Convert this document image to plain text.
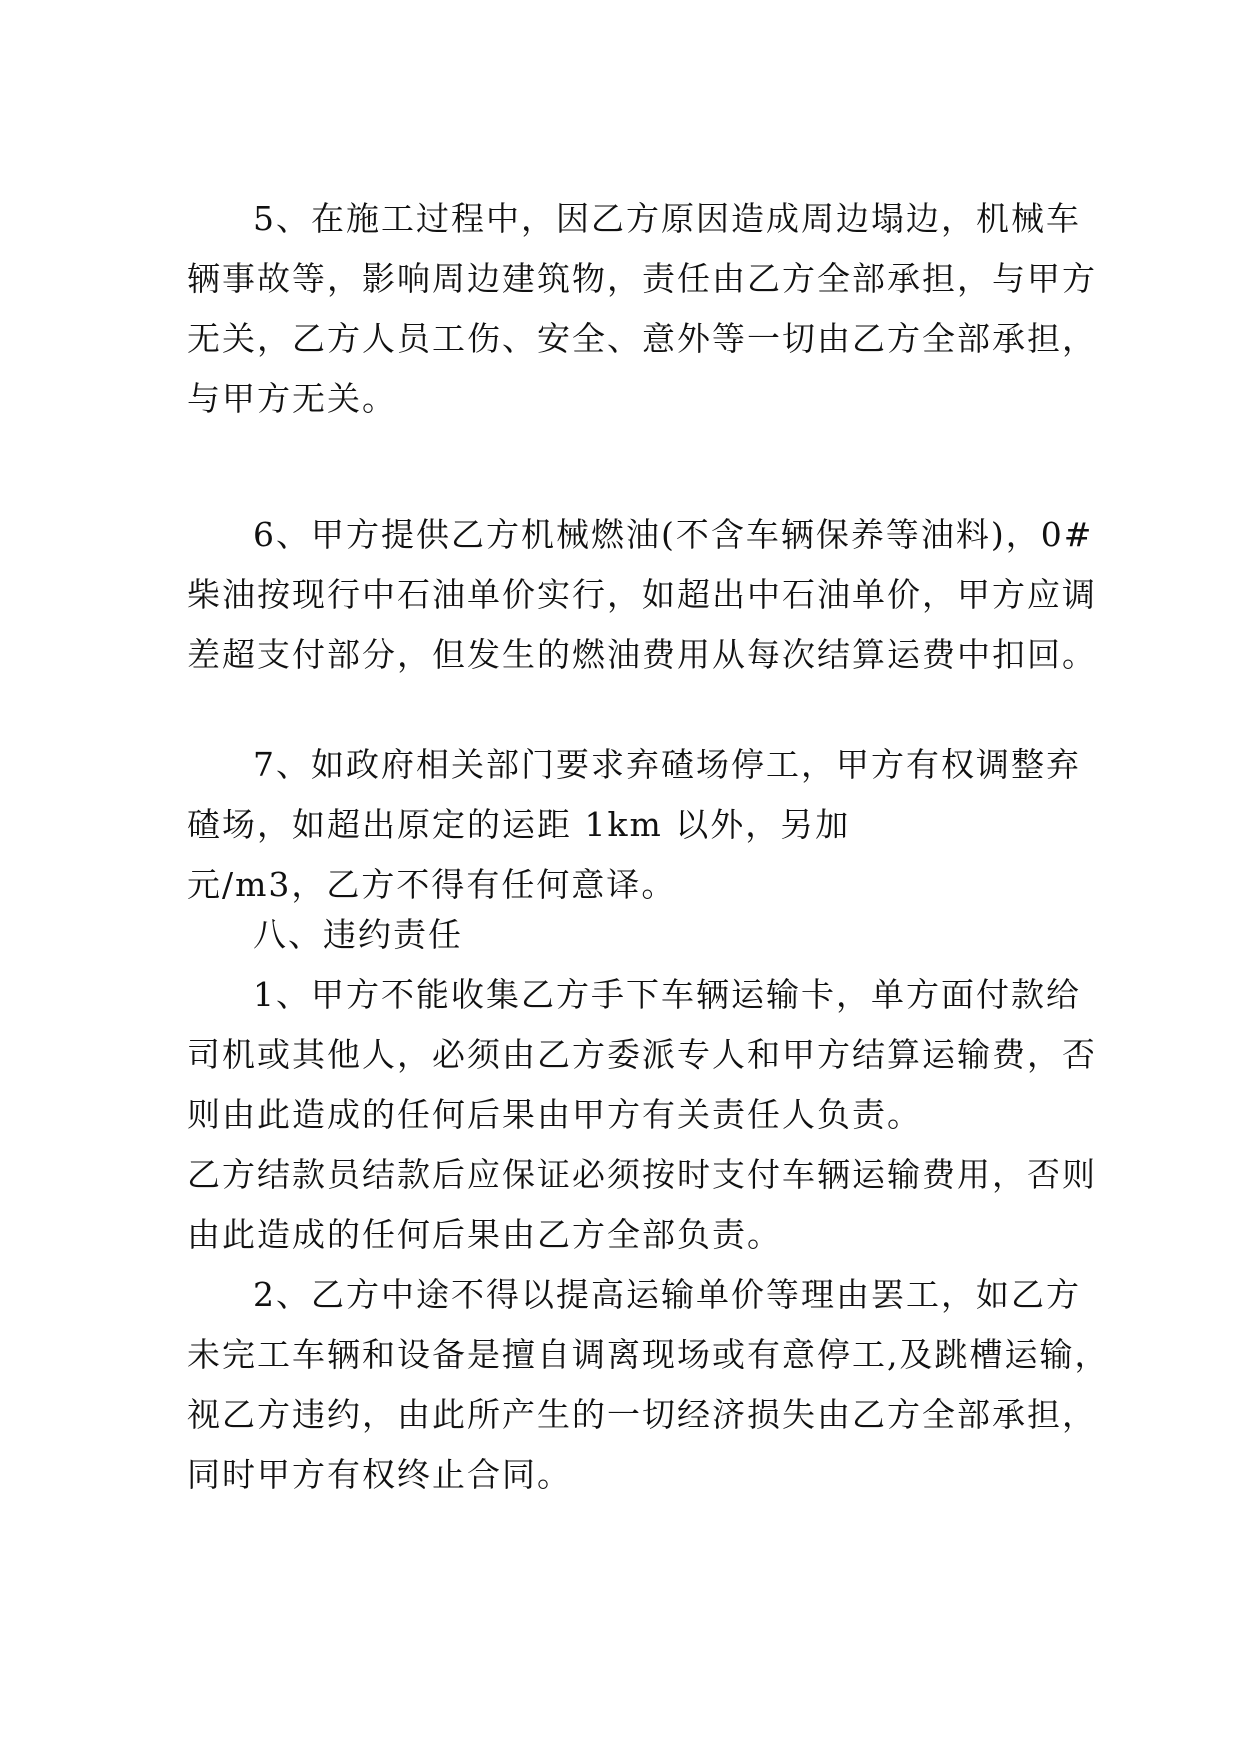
5、在施工过程中，因乙方原因造成周边塌边，机械车
辆事故等，影响周边建筑物，责任由乙方全部承担，与甲方
无关，乙方人员工伤、安全、意外等一切由乙方全部承担，
与甲方无关。
6、甲方提供乙方机械燃油(不含车辆保养等油料)，0#
柴油按现行中石油单价实行，如超出中石油单价，甲方应调
差超支付部分，但发生的燃油费用从每次结算运费中扣回。
7、如政府相关部门要求弃碴场停工，甲方有权调整弃
碴场，如超出原定的运距 1km 以外，另加
元/m3，乙方不得有任何意译。
八、违约责任
1、甲方不能收集乙方手下车辆运输卡，单方面付款给
司机或其他人，必须由乙方委派专人和甲方结算运输费，否
则由此造成的任何后果由甲方有关责任人负责。
乙方结款员结款后应保证必须按时支付车辆运输费用，否则
由此造成的任何后果由乙方全部负责。
2、乙方中途不得以提高运输单价等理由罢工，如乙方
未完工车辆和设备是擅自调离现场或有意停工,及跳槽运输，
视乙方违约，由此所产生的一切经济损失由乙方全部承担，
同时甲方有权终止合同。
